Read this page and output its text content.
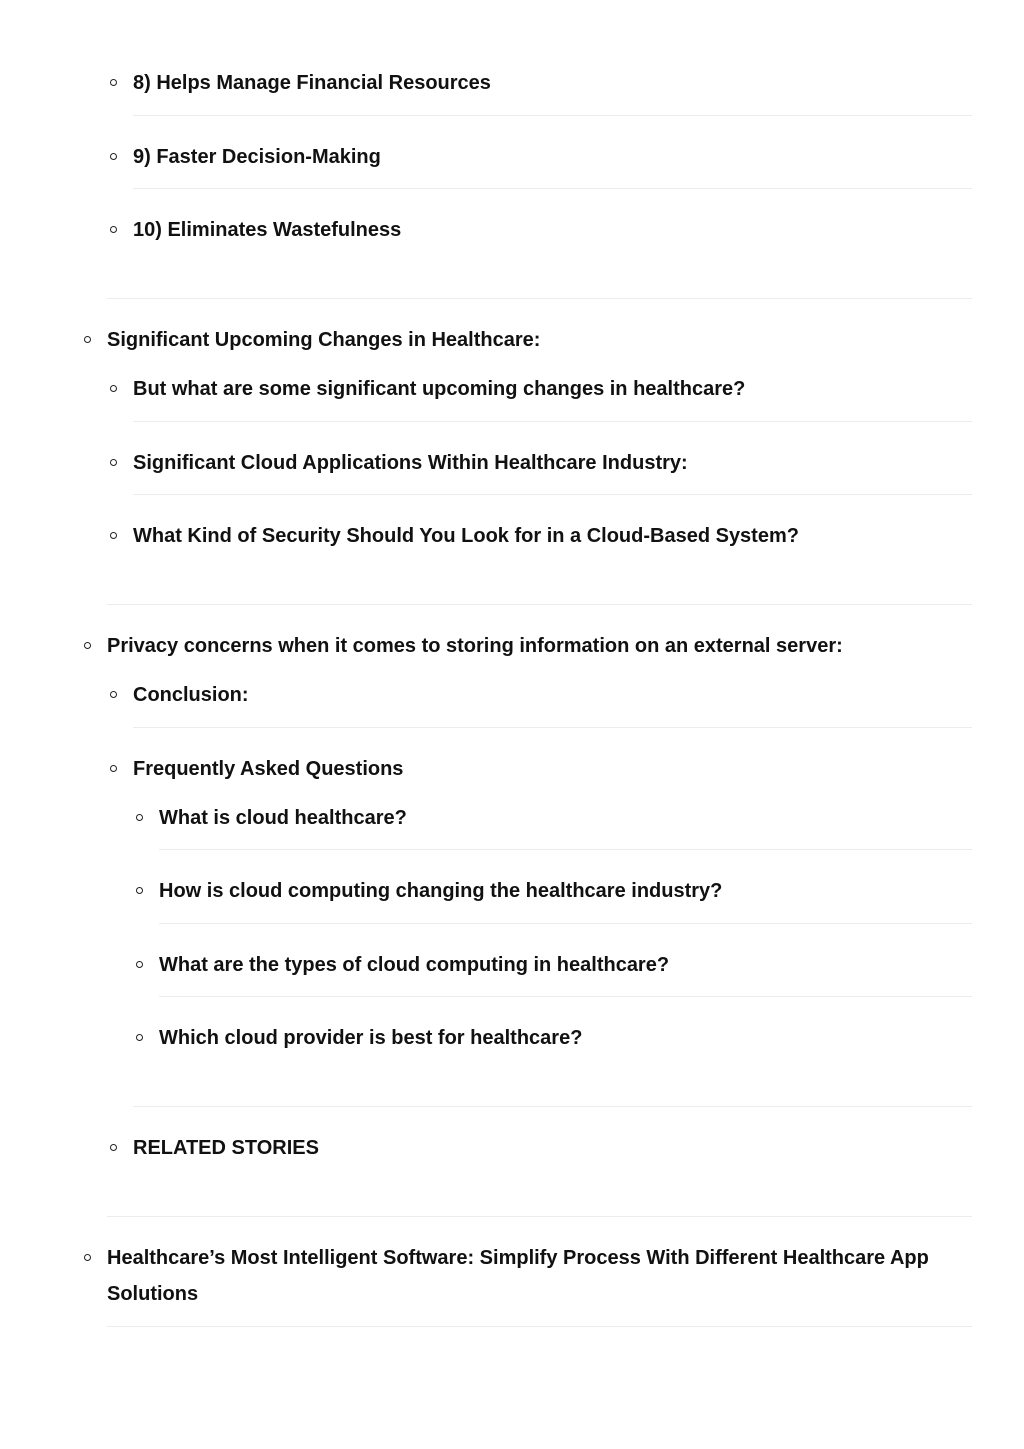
8) Helps Manage Financial Resources
9) Faster Decision-Making
10) Eliminates Wastefulness
Significant Upcoming Changes in Healthcare:
But what are some significant upcoming changes in healthcare?
Significant Cloud Applications Within Healthcare Industry:
What Kind of Security Should You Look for in a Cloud-Based System?
Privacy concerns when it comes to storing information on an external server:
Conclusion:
Frequently Asked Questions
What is cloud healthcare?
How is cloud computing changing the healthcare industry?
What are the types of cloud computing in healthcare?
Which cloud provider is best for healthcare?
RELATED STORIES
Healthcare’s Most Intelligent Software: Simplify Process With Different Healthcare App Solutions
